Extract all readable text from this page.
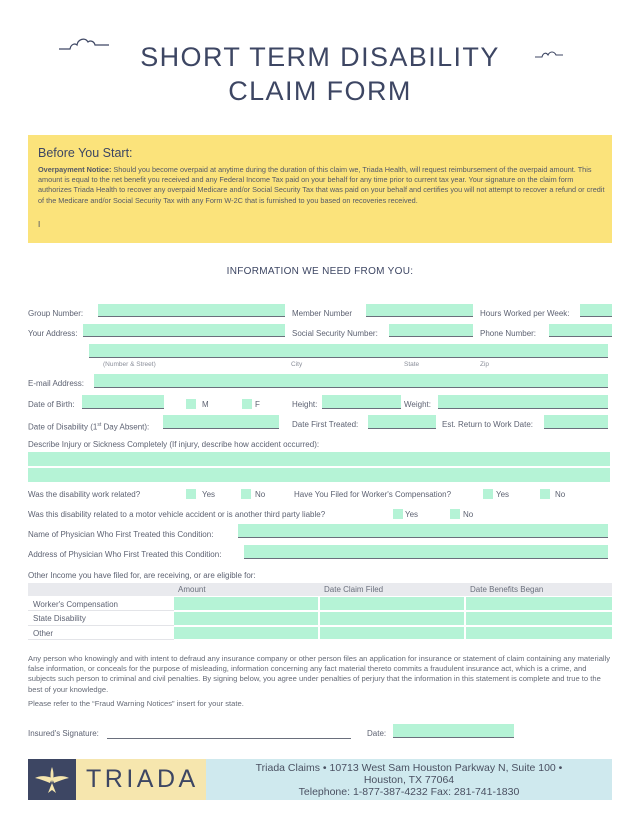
SHORT TERM DISABILITY
CLAIM FORM
Before You Start:
Overpayment Notice: Should you become overpaid at anytime during the duration of this claim we, Triada Health, will request reimbursement of the overpaid amount. This amount is equal to the net benefit you received and any Federal Income Tax paid on your behalf for any time prior to current tax year. Your signature on the claim form authorizes Triada Health to recover any overpaid Medicare and/or Social Security Tax that was paid on your behalf and certifies you will not attempt to recover a refund or credit of the Medicare and/or Social Security Tax with any Form W-2C that is furnished to you based on recoveries received.
I
INFORMATION WE NEED FROM YOU:
Group Number:	Member Number	Hours Worked per Week:
Your Address:	Social Security Number:	Phone Number:
(Number & Street)	City	State	Zip
E-mail Address:
Date of Birth:	M	F	Height:	Weight:
Date of Disability (1st Day Absent):	Date First Treated:	Est. Return to Work Date:
Describe Injury or Sickness Completely (If injury, describe how accident occurred):
Was the disability work related?	Yes	No	Have You Filed for Worker's Compensation?	Yes	No
Was this disability related to a motor vehicle accident or is another third party liable?	Yes	No
Name of Physician Who First Treated this Condition:
Address of Physician Who First Treated this Condition:
Other Income you have filed for, are receiving, or are eligible for:
Amount	Date Claim Filed	Date Benefits Began
Worker's Compensation
State Disability
Other
Any person who knowingly and with intent to defraud any insurance company or other person files an application for insurance or statement of claim containing any materially false information, or conceals for the purpose of misleading, information concerning any fact material thereto commits a fraudulent insurance act, which is a crime, and subjects such person to criminal and civil penalties. By signing below, you agree under penalties of perjury that the information in this statement is complete and true to the best of your knowledge.
Please refer to the “Fraud Warning Notices” insert for your state.
Insured's Signature:	Date:
TRIADA	Triada Claims • 10713 West Sam Houston Parkway N, Suite 100 •
Houston, TX 77064
Telephone: 1-877-387-4232 Fax: 281-741-1830
